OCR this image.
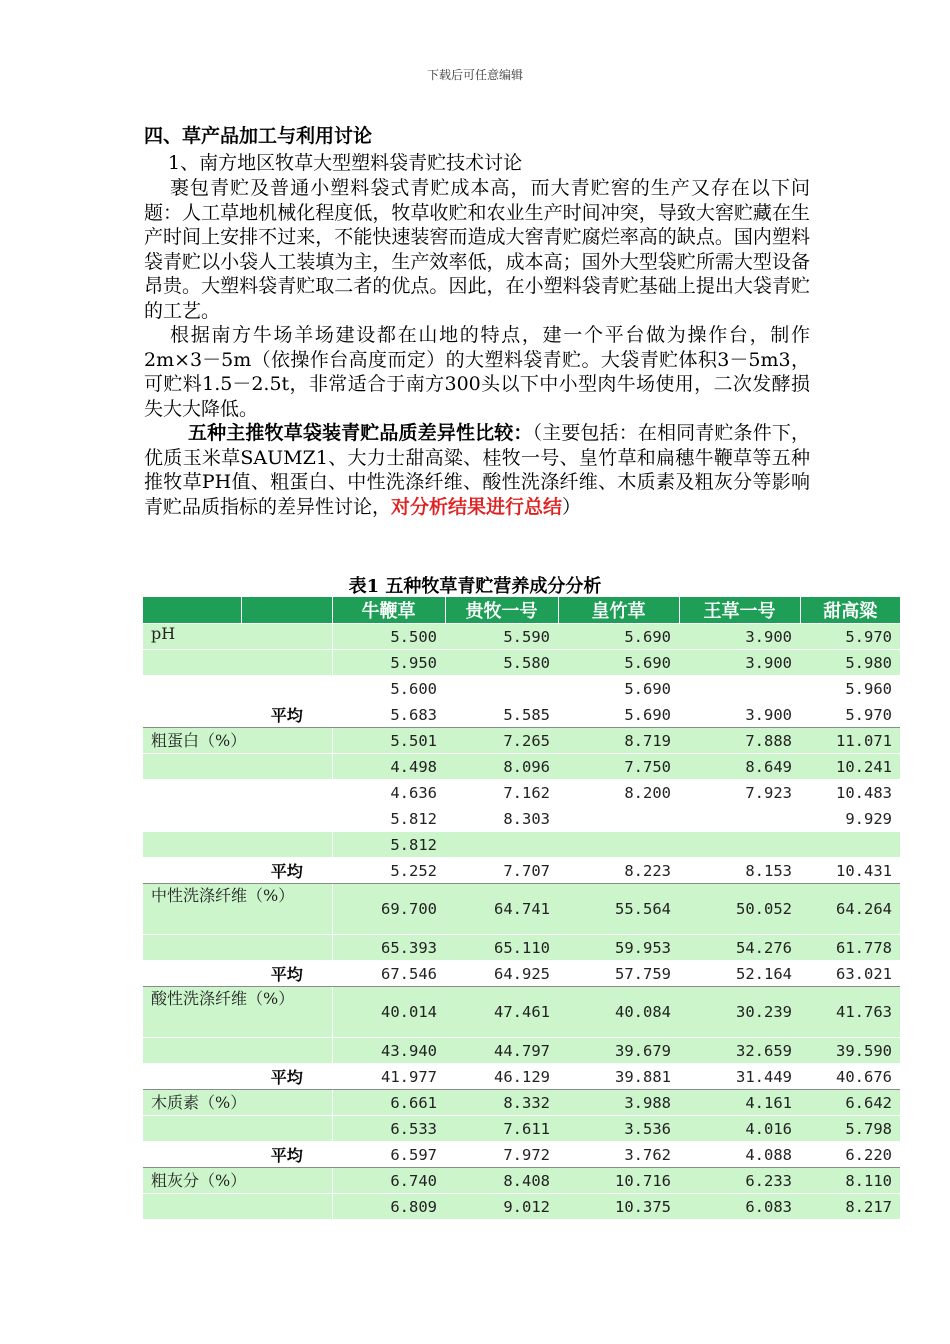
下载后可任意编辑

四、草产品加工与利用讨论

1、南方地区牧草大型塑料袋青贮技术讨论

裹包青贮及普通小塑料袋式青贮成本高，而大青贮窖的生产又存在以下问题：人工草地机械化程度低，牧草收贮和农业生产时间冲突，导致大窖贮藏在生产时间上安排不过来，不能快速装窖而造成大窖青贮腐烂率高的缺点。国内塑料袋青贮以小袋人工装填为主，生产效率低，成本高；国外大型袋贮所需大型设备昂贵。大塑料袋青贮取二者的优点。因此，在小塑料袋青贮基础上提出大袋青贮的工艺。

根据南方牛场羊场建设都在山地的特点，建一个平台做为操作台，制作2m×3－5m（依操作台高度而定）的大塑料袋青贮。大袋青贮体积3－5m3，可贮料1.5－2.5t，非常适合于南方300头以下中小型肉牛场使用，二次发酵损失大大降低。

五种主推牧草袋装青贮品质差异性比较：（主要包括：在相同青贮条件下，优质玉米草SAUMZ1、大力士甜高粱、桂牧一号、皇竹草和扁穗牛鞭草等五种推牧草PH值、粗蛋白、中性洗涤纤维、酸性洗涤纤维、木质素及粗灰分等影响青贮品质指标的差异性讨论，对分析结果进行总结）

表1 五种牧草青贮营养成分分析
		牛鞭草	贵牧一号	皇竹草	王草一号	甜高粱
pH		5.500	5.590	5.690	3.900	5.970
		5.950	5.580	5.690	3.900	5.980
		5.600		5.690		5.960
	平均	5.683	5.585	5.690	3.900	5.970
粗蛋白（%）		5.501	7.265	8.719	7.888	11.071
		4.498	8.096	7.750	8.649	10.241
		4.636	7.162	8.200	7.923	10.483
		5.812	8.303			9.929
		5.812				
	平均	5.252	7.707	8.223	8.153	10.431
中性洗涤纤维（%）		69.700	64.741	55.564	50.052	64.264
		65.393	65.110	59.953	54.276	61.778
	平均	67.546	64.925	57.759	52.164	63.021
酸性洗涤纤维（%）		40.014	47.461	40.084	30.239	41.763
		43.940	44.797	39.679	32.659	39.590
	平均	41.977	46.129	39.881	31.449	40.676
木质素（%）		6.661	8.332	3.988	4.161	6.642
		6.533	7.611	3.536	4.016	5.798
	平均	6.597	7.972	3.762	4.088	6.220
粗灰分（%）		6.740	8.408	10.716	6.233	8.110
		6.809	9.012	10.375	6.083	8.217
